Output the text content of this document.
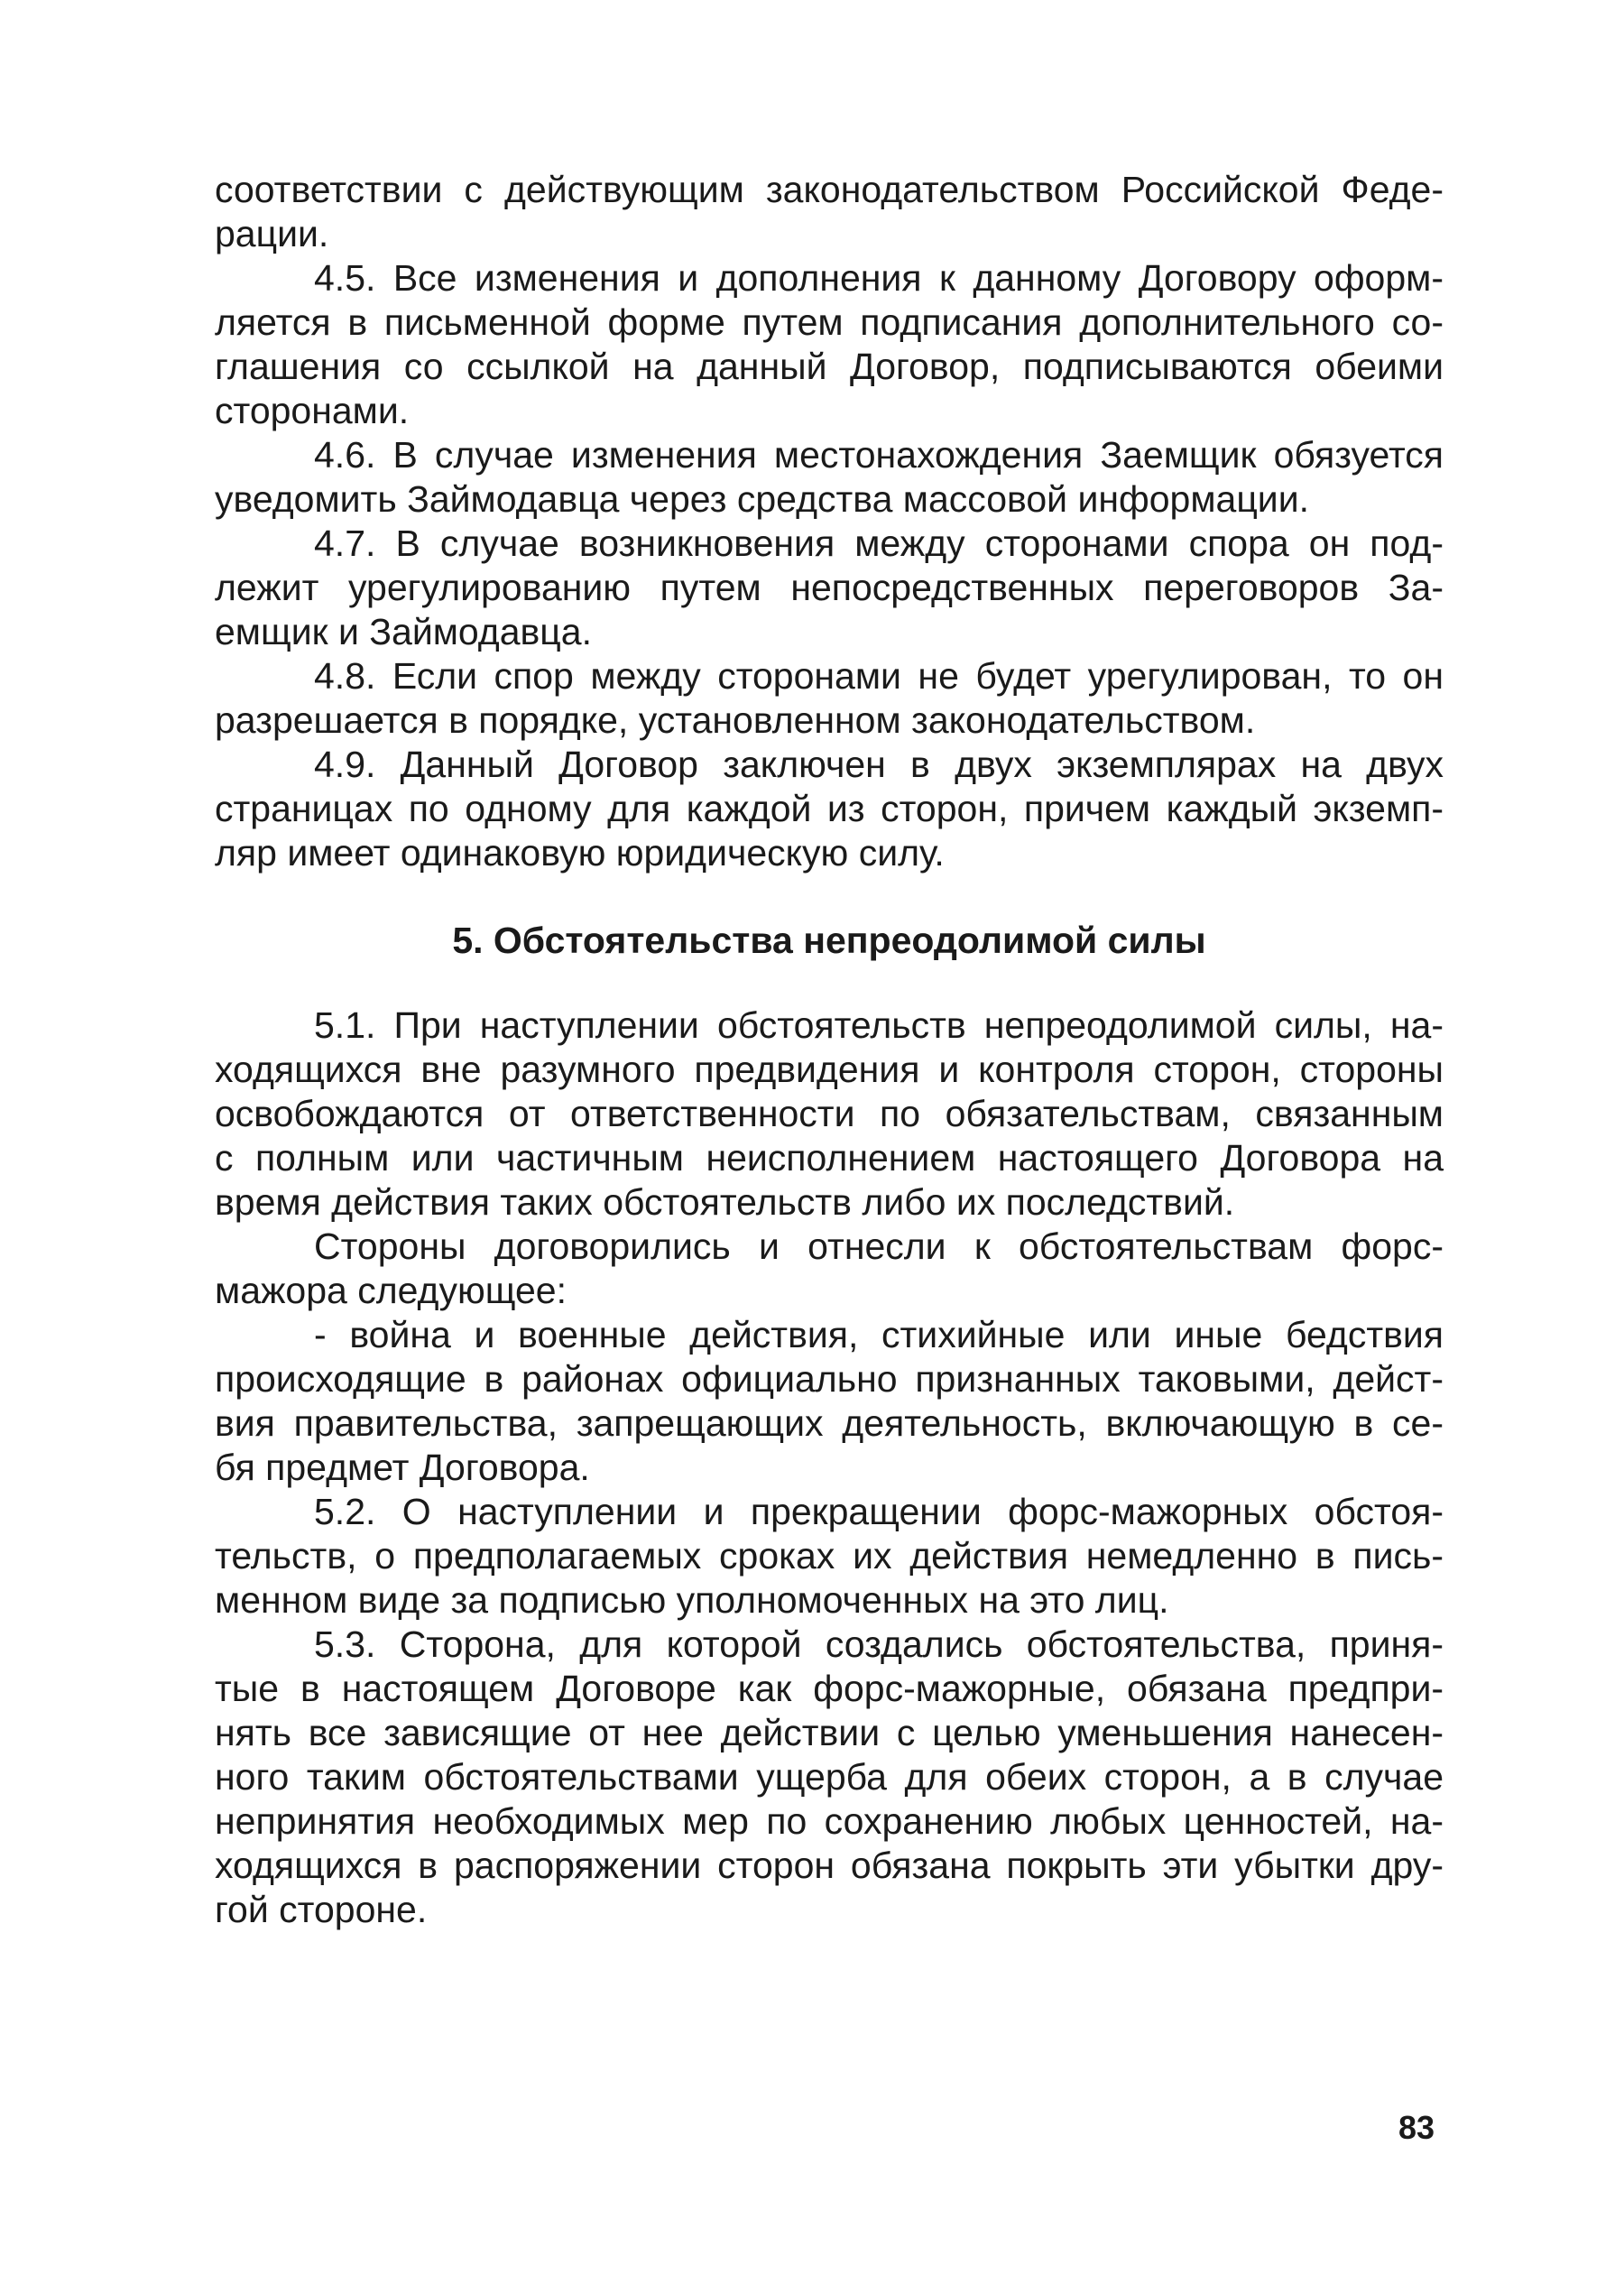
соответствии с действующим законодательством Российской Феде-
рации.
4.5. Все изменения и дополнения к данному Договору оформ-
ляется в письменной форме путем подписания дополнительного со-
глашения со ссылкой на данный Договор, подписываются обеими
сторонами.
4.6. В случае изменения местонахождения Заемщик обязуется
уведомить Займодавца через средства массовой информации.
4.7. В случае возникновения между сторонами спора он под-
лежит урегулированию путем непосредственных переговоров За-
емщик и Займодавца.
4.8. Если спор между сторонами не будет урегулирован, то он
разрешается в порядке, установленном законодательством.
4.9. Данный Договор заключен в двух экземплярах на двух
страницах по одному для каждой из сторон, причем каждый экземп-
ляр имеет одинаковую юридическую силу.
5. Обстоятельства непреодолимой силы
5.1. При наступлении обстоятельств непреодолимой силы, на-
ходящихся вне разумного предвидения и контроля сторон, стороны
освобождаются от ответственности по обязательствам, связанным
с полным или частичным неисполнением настоящего Договора на
время действия таких обстоятельств либо их последствий.
Стороны договорились и отнесли к обстоятельствам форс-
мажора следующее:
- война и военные действия, стихийные или иные бедствия
происходящие в районах официально признанных таковыми, дейст-
вия правительства, запрещающих деятельность, включающую в се-
бя предмет Договора.
5.2. О наступлении и прекращении форс-мажорных обстоя-
тельств, о предполагаемых сроках их действия немедленно в пись-
менном виде за подписью уполномоченных на это лиц.
5.3. Сторона, для которой создались обстоятельства, приня-
тые в настоящем Договоре как форс-мажорные, обязана предпри-
нять все зависящие от нее действии с целью уменьшения нанесен-
ного таким обстоятельствами ущерба для обеих сторон, а в случае
непринятия необходимых мер по сохранению любых ценностей, на-
ходящихся в распоряжении сторон обязана покрыть эти убытки дру-
гой стороне.
83
